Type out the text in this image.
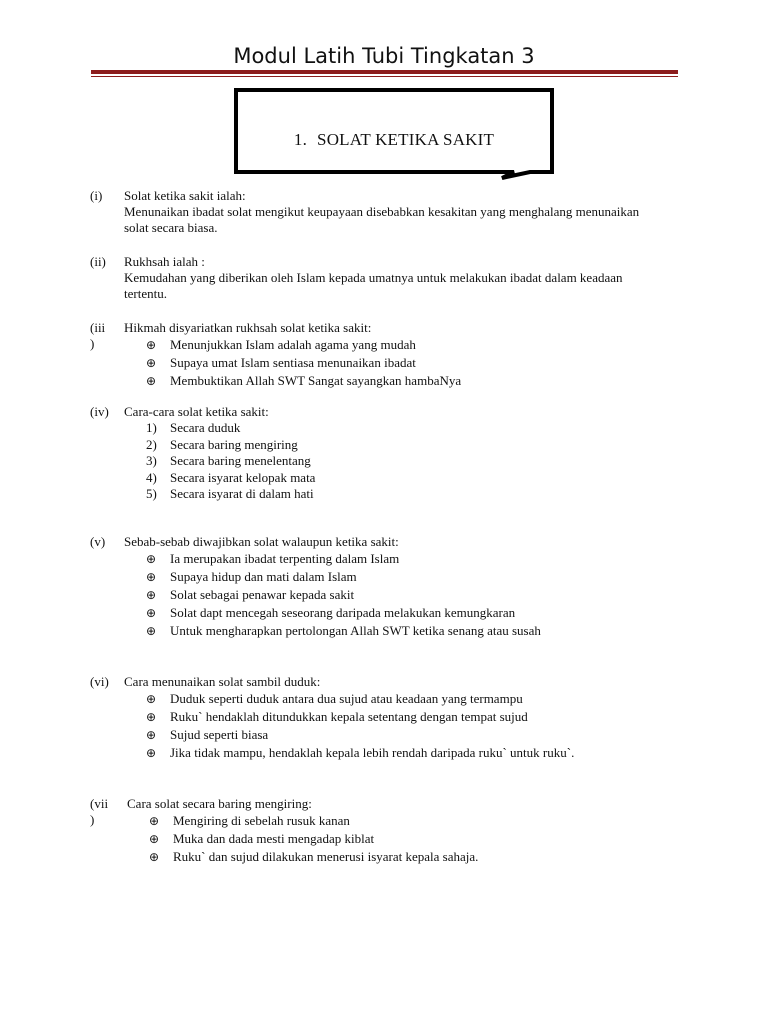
Modul Latih Tubi Tingkatan 3
1. SOLAT KETIKA SAKIT
(i)	Solat ketika sakit ialah:
Menunaikan ibadat solat mengikut keupayaan disebabkan kesakitan yang menghalang menunaikan
solat secara biasa.
(ii)	Rukhsah ialah :
Kemudahan yang diberikan oleh Islam kepada umatnya untuk melakukan ibadat dalam keadaan
tertentu.
(iii
)
Hikmah disyariatkan rukhsah solat ketika sakit:
⊕ Menunjukkan Islam adalah agama yang mudah
⊕ Supaya umat Islam sentiasa menunaikan ibadat
⊕ Membuktikan Allah SWT Sangat sayangkan hambaNya
(iv)	Cara-cara solat ketika sakit:
1) Secara duduk
2) Secara baring mengiring
3) Secara baring menelentang
4) Secara isyarat kelopak mata
5) Secara isyarat di dalam hati
(v)	Sebab-sebab diwajibkan solat walaupun ketika sakit:
⊕ Ia merupakan ibadat terpenting dalam Islam
⊕ Supaya hidup dan mati dalam Islam
⊕ Solat sebagai penawar kepada sakit
⊕ Solat dapt mencegah seseorang daripada melakukan kemungkaran
⊕ Untuk mengharapkan pertolongan Allah SWT ketika senang atau susah
(vi)	Cara menunaikan solat sambil duduk:
⊕ Duduk seperti duduk antara dua sujud atau keadaan yang termampu
⊕ Ruku` hendaklah ditundukkan kepala setentang dengan tempat sujud
⊕ Sujud seperti biasa
⊕ Jika tidak mampu, hendaklah kepala lebih rendah daripada ruku` untuk ruku`.
(vii
)
Cara solat secara baring mengiring:
⊕ Mengiring di sebelah rusuk kanan
⊕ Muka dan dada mesti mengadap kiblat
⊕ Ruku` dan sujud dilakukan menerusi isyarat kepala sahaja.
